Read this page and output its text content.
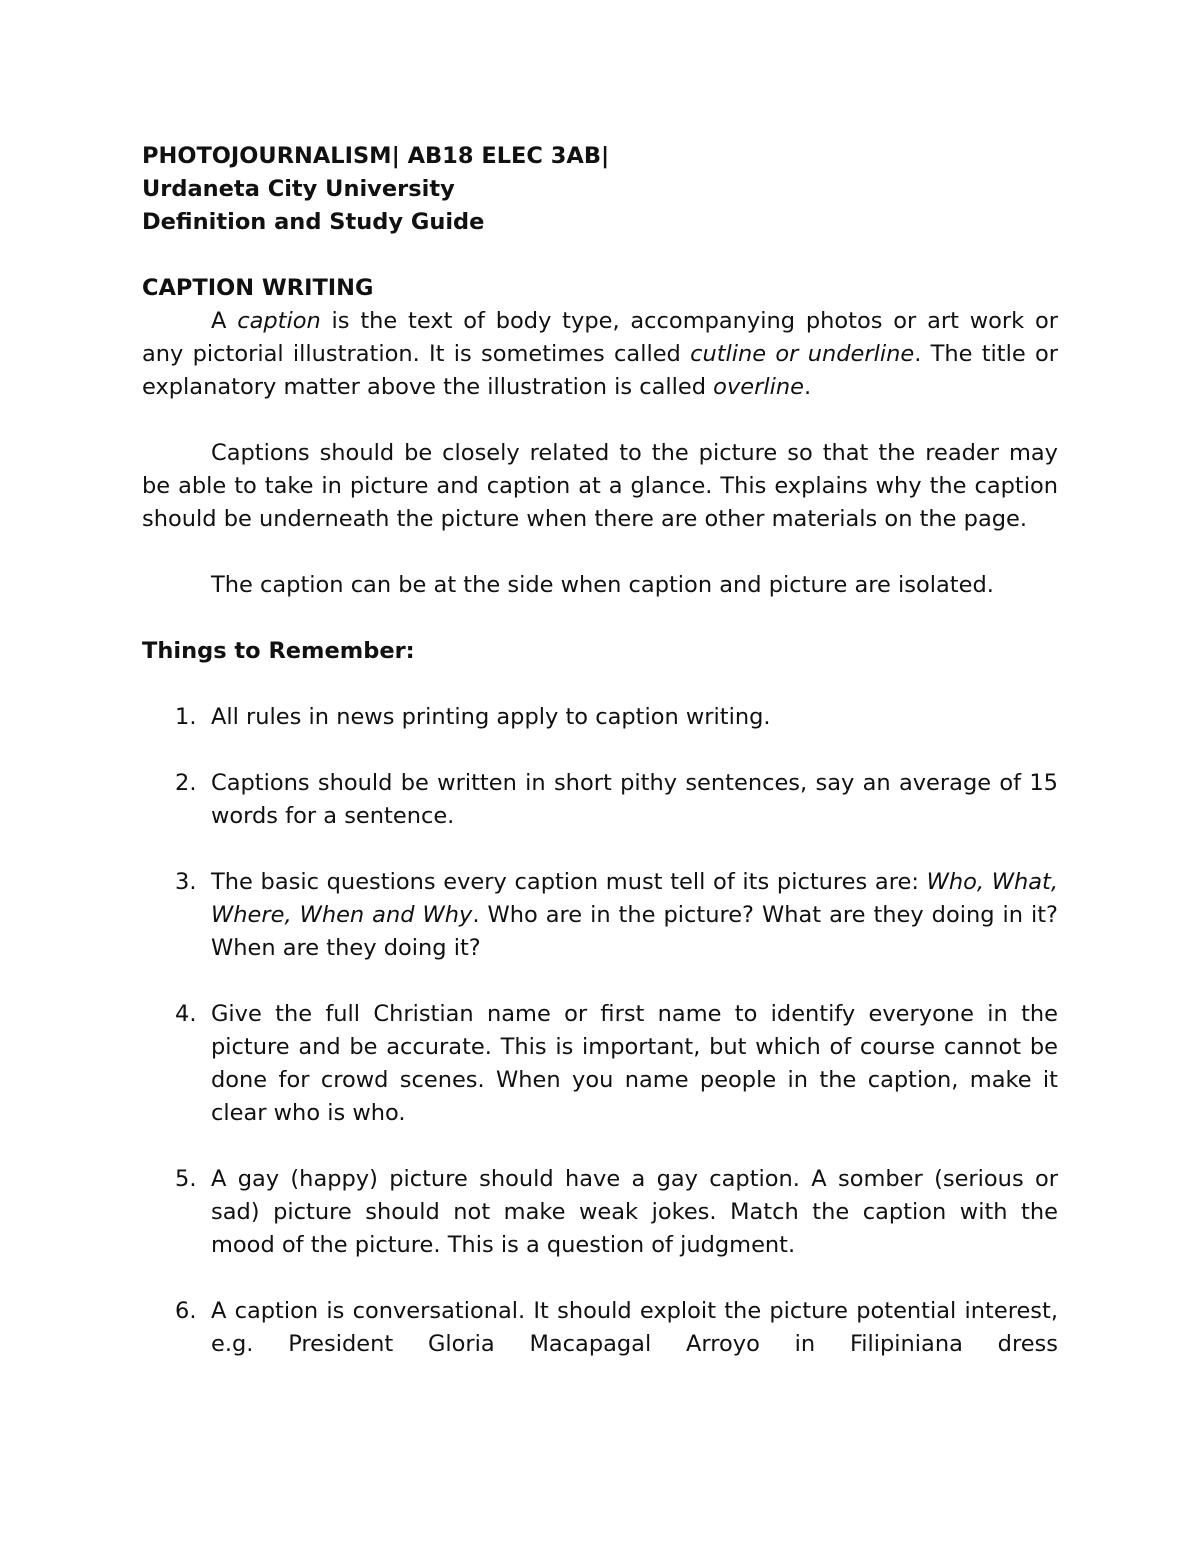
PHOTOJOURNALISM| AB18 ELEC 3AB|

Urdaneta City University

Definition and Study Guide

CAPTION WRITING

A caption is the text of body type, accompanying photos or art work or any pictorial illustration. It is sometimes called cutline or underline. The title or explanatory matter above the illustration is called overline.

Captions should be closely related to the picture so that the reader may be able to take in picture and caption at a glance. This explains why the caption should be underneath the picture when there are other materials on the page.

The caption can be at the side when caption and picture are isolated.

Things to Remember:

1. All rules in news printing apply to caption writing.
2. Captions should be written in short pithy sentences, say an average of 15 words for a sentence.
3. The basic questions every caption must tell of its pictures are: Who, What, Where, When and Why. Who are in the picture? What are they doing in it? When are they doing it?
4. Give the full Christian name or first name to identify everyone in the picture and be accurate. This is important, but which of course cannot be done for crowd scenes. When you name people in the caption, make it clear who is who.
5. A gay (happy) picture should have a gay caption. A somber (serious or sad) picture should not make weak jokes. Match the caption with the mood of the picture. This is a question of judgment.
6. A caption is conversational. It should exploit the picture potential interest, e.g. President Gloria Macapagal Arroyo in Filipiniana dress
